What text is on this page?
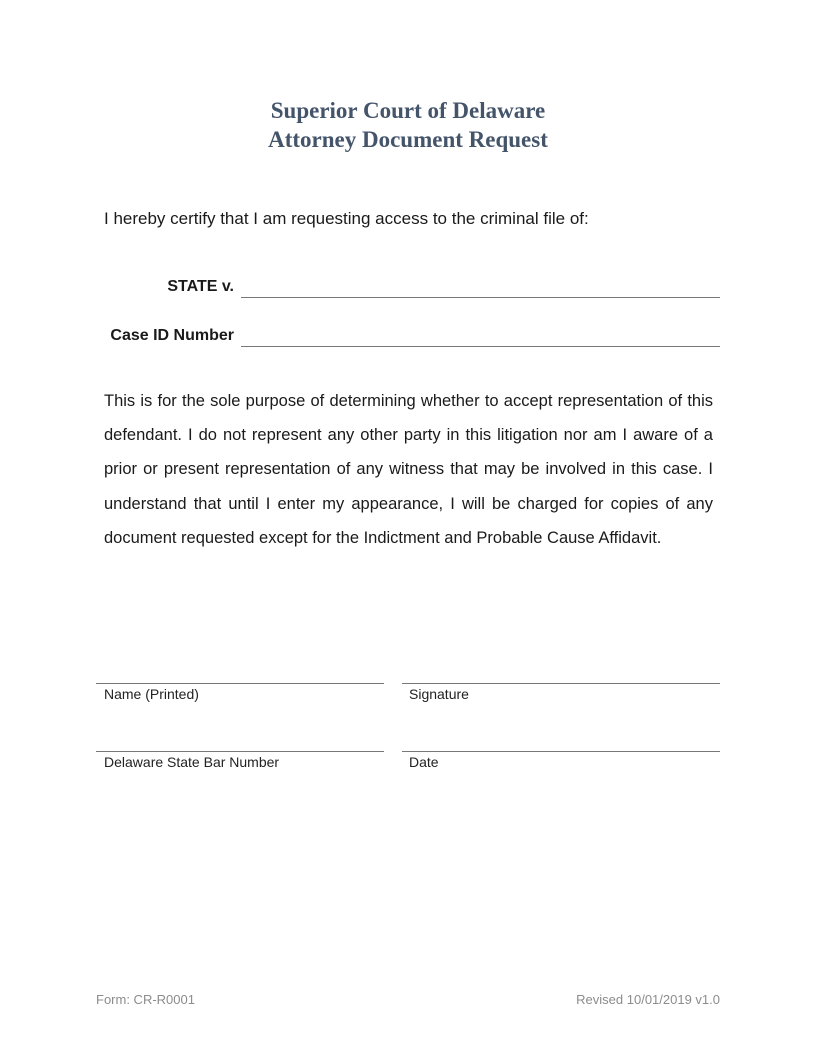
Superior Court of Delaware
Attorney Document Request
I hereby certify that I am requesting access to the criminal file of:
STATE v.
Case ID Number
This is for the sole purpose of determining whether to accept representation of this defendant. I do not represent any other party in this litigation nor am I aware of a prior or present representation of any witness that may be involved in this case. I understand that until I enter my appearance, I will be charged for copies of any document requested except for the Indictment and Probable Cause Affidavit.
Name (Printed)	Signature
Delaware State Bar Number	Date
Form: CR-R0001	Revised 10/01/2019 v1.0
